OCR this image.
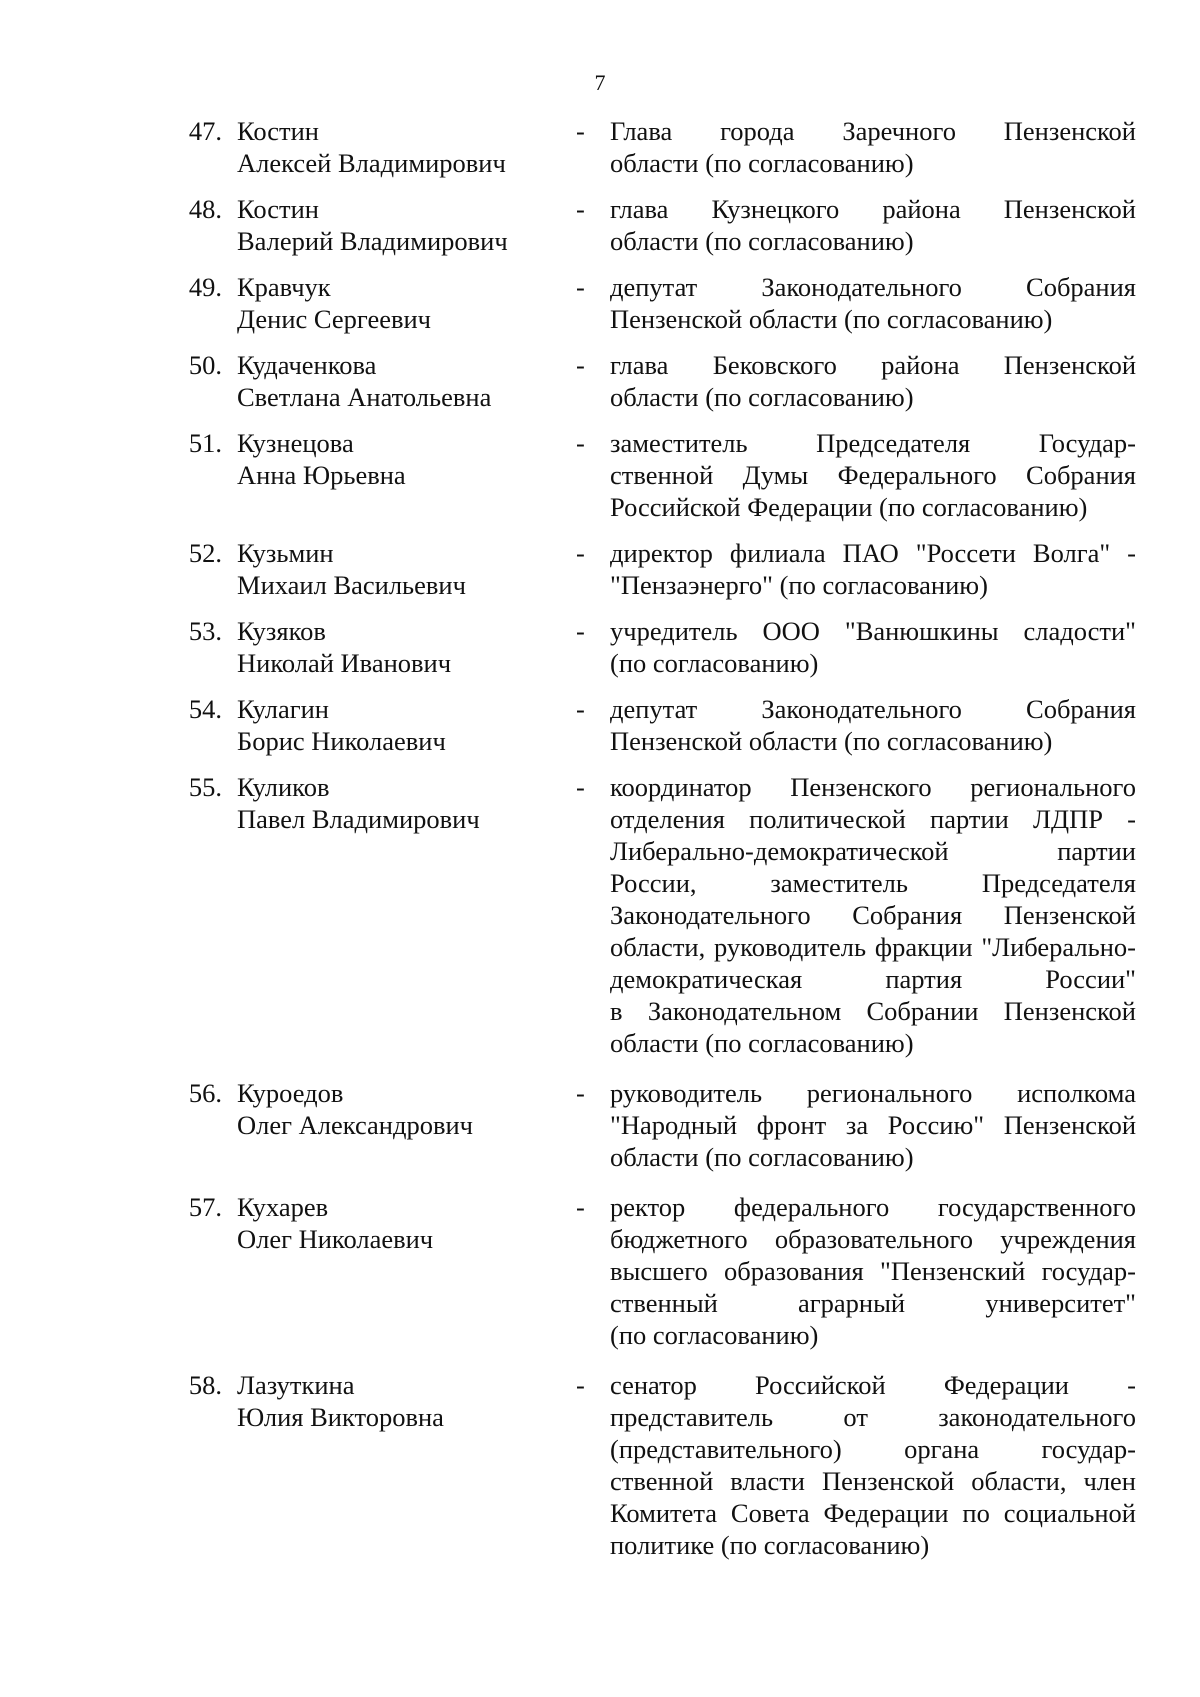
7
47. Костин
Алексей Владимирович
- Глава города Заречного Пензенской
области (по согласованию)
48. Костин
Валерий Владимирович
- глава Кузнецкого района Пензенской
области (по согласованию)
49. Кравчук
Денис Сергеевич
- депутат Законодательного Собрания
Пензенской области (по согласованию)
50. Кудаченкова
Светлана Анатольевна
- глава Бековского района Пензенской
области (по согласованию)
51. Кузнецова
Анна Юрьевна
- заместитель Председателя Государ-
ственной Думы Федерального Собрания
Российской Федерации (по согласованию)
52. Кузьмин
Михаил Васильевич
- директор филиала ПАО "Россети Волга" -
"Пензаэнерго" (по согласованию)
53. Кузяков
Николай Иванович
- учредитель ООО "Ванюшкины сладости"
(по согласованию)
54. Кулагин
Борис Николаевич
- депутат Законодательного Собрания
Пензенской области (по согласованию)
55. Куликов
Павел Владимирович
- координатор Пензенского регионального
отделения политической партии ЛДПР -
Либерально-демократической партии
России, заместитель Председателя
Законодательного Собрания Пензенской
области, руководитель фракции "Либерально-
демократическая партия России"
в Законодательном Собрании Пензенской
области (по согласованию)
56. Куроедов
Олег Александрович
- руководитель регионального исполкома
"Народный фронт за Россию" Пензенской
области (по согласованию)
57. Кухарев
Олег Николаевич
- ректор федерального государственного
бюджетного образовательного учреждения
высшего образования "Пензенский государ-
ственный аграрный университет"
(по согласованию)
58. Лазуткина
Юлия Викторовна
- сенатор Российской Федерации -
представитель от законодательного
(представительного) органа государ-
ственной власти Пензенской области, член
Комитета Совета Федерации по социальной
политике (по согласованию)
